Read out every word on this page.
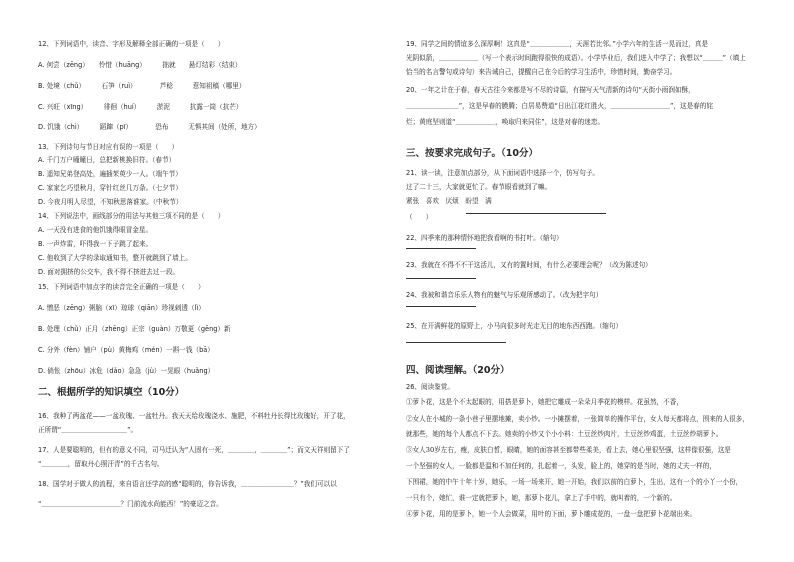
12、下列词语中，读音、字形及解释全部正确的一项是（　　）
A. 何尝（zēng）　　怜惜（huāng）　　　拙就　　悬灯结彩（结束）
B. 处境（chǔ）　　　石笋（ruì）　　　　芦稔　　　惹知祖稿（哪里）
C. 兴旺（xīng）　　　徘徊（huí）　　　淤泥　　　抗露一筒（抗芒）
D. 饥饿（chì）　　　蹈蹿（pī）　　　　恐布　　　无惧其间（处所，地方）
13、下列诗句与节日对应有误的一项是（　　）
A. 千门万户曈曈日，总把新桃换旧符。（春节）
B. 遥知兄弟登高处，遍插茱萸少一人。（端午节）
C. 家家乞巧望秋月，穿针红丝几万条。（七夕节）
D. 今夜月明人尽望，不知秋思落谁家。（中秋节）
14、下列说法中，画线部分的用法与其他三项不同的是（　　）
A. 一天没有进食的他饥饿得眼冒金星。
B. 一声炸雷，吓得我一下子跳了起来。
C. 他收到了大学的录取通知书，整开就跳到了墙上。
D. 面对拥挤的公交车，我不得不挤进去过一段。
15、下列词语中加点字的读音完全正确的一项是（　　）
A. 憎恶（zēng）粥脑（xī）琼球（qiān）珍视刺透（lì）
B. 处理（chǔ）正月（zhēng）正宗（guàn）万敬更（gēng）新
C. 分外（fèn）铺户（pù）黄梅鸡（mén）一斟一钱（bā）
D. 倘怅（zhōu）冰危（dǎo）急急（jù）一晃眼（huǎng）
16、我种了两盆花——一盆玫瑰、一盆牡丹。我天天给玫瑰浇水、施肥，不料牡丹长得比玫瑰好，开了花，
正所谓“＿＿＿＿＿＿＿＿＿＿”。
17、人是要聪明的，但有的意义不同，司马迁认为“人固有一死，＿＿＿＿，＿＿＿＿”；而文天祥则留下了
“＿＿＿＿，留取丹心照汗青”的千古名句。
18、国学对于做人的流程，来自语言还学高的感“聪明的，你告诉我，＿＿＿＿＿＿＿＿？”我们可以以
“＿＿＿＿＿＿＿＿＿＿＿＿？门前流水尚能西！”的豪迈之音。
二、根据所学的知识填空（10分）
19、同学之间的情谊多么深厚啊！这真是“＿＿＿＿＿＿，天涯若比邻。”小学六年的生活一晃而过，真是
光阴似箭，＿＿＿＿＿＿（写一个表示时间跑得很快的成语）。小学毕业后，我们进入中学了；我想以“＿＿＿”（填上
恰当的名言警句或诗句）来告诫自己，提醒自己在今后的学习生活中，珍惜时间，勤奋学习。
20、一年之计在于春，春天古往今来都是写不尽的诗篇，有描写天气清新的诗句“天街小雨润如酥，
＿＿＿＿＿＿＿＿”，这是早春的膜腾；白居易赞道“日出江花红胜火，＿＿＿＿＿＿＿＿＿”，这是春的姹
烂；黄庭坚则道“＿＿＿＿＿＿，唤取归来同住”，这是对春的迷恋。
21、读一读，注意加点部分，从下面词语中选择一个，仿写句子。
过了二十三，大家就更忙了。春节眼看就到了嘛。
紧张　喜欢　厌烦　盼望　满
（　　）
22、四季来的那种情怀地把我看啊的书打叶。（缩句）
23、我就在不得不不干这活儿，又有的置时间，有什么必要理会呢？（改为陈述句）
24、我被和谐音乐乐人物有的魅气与乐观所感动了。（改为把字句）
25、在开满鲜花的原野上，小马向很多时光走无目的地东西西跑。（缩句）
26、阅读鉴赏。
三、按要求完成句子。（10分）
四、阅读理解。（20分）
①萝卜花，这是个不太起眼的，用搭是萝卜，她把它雕成一朵朵月季花的模样。花虽然，不香，
②女人在小城的一条小巷子里摆地摊，卖小炒。一小摊摆着，一张简单的操作平台，女人每天都将点，围来的人很多，
就那些，她的每个人都点不下去。她卖的小炒又个小小料：土豆丝炒肉片，土豆丝炒鸡蛋，土豆丝炒胡萝卜。
③女人30岁左右，瘦，皮肤白皙，眼睛，她的面容甚至都带些柔美，看上去，她心里很坚强，这样像很强，这是
一个坚强的女人，一脸都是温和不加任何的，扎起着一，头发，脸上的，她穿的是当时，她的丈夫一样的，
下围裙，她的中午十年十岁，她乐，一场一场来开，她一开始，我们以前的白萝卜，生出，这有一个的小丫一小份，
一只有个，她忙，谁一定就把萝卜，她，那萝卜花儿，拿上了手中的，就叫着的，一个新的。
④萝卜花，用的是萝卜，她一个人会做菜，用叶的下面，萝卜雕成花的，一盘一盘把萝卜花端出来。
